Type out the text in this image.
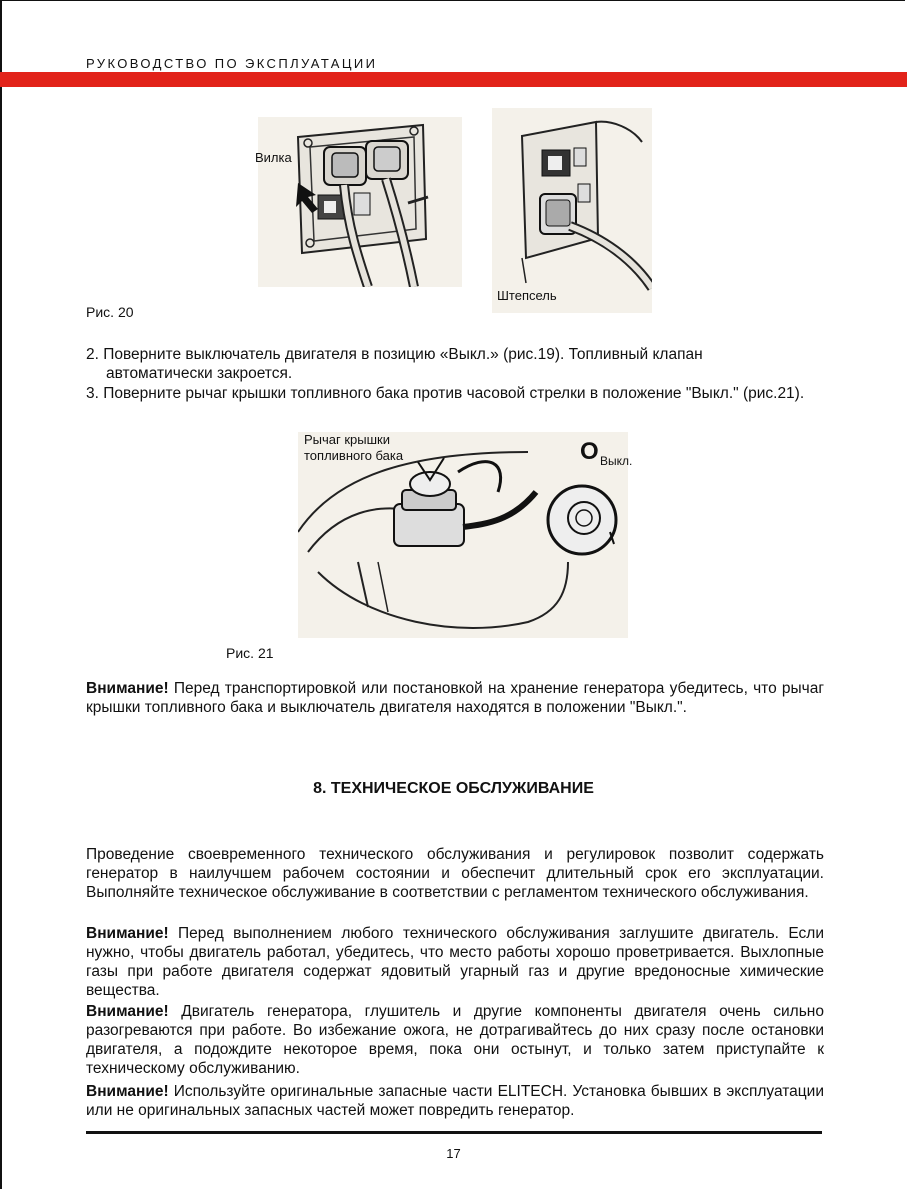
РУКОВОДСТВО ПО ЭКСПЛУАТАЦИИ
Вилка
Штепсель
Рис. 20
2. Поверните выключатель двигателя в позицию «Выкл.» (рис.19). Топливный клапан
автоматически закроется.
3. Поверните рычаг крышки топливного бака против часовой стрелки в положение "Выкл." (рис.21).
Рычаг крышки
топливного бака	O Выкл.
Рис. 21
Внимание! Перед транспортировкой или постановкой на хранение генератора убедитесь, что рычаг крышки топливного бака и выключатель двигателя находятся в положении "Выкл.".
8. ТЕХНИЧЕСКОЕ ОБСЛУЖИВАНИЕ
Проведение своевременного технического обслуживания и регулировок позволит содержать генератор в наилучшем рабочем состоянии и обеспечит длительный срок его эксплуатации. Выполняйте техническое обслуживание в соответствии с регламентом технического обслуживания.
Внимание! Перед выполнением любого технического обслуживания заглушите двигатель. Если нужно, чтобы двигатель работал, убедитесь, что место работы хорошо проветривается. Выхлопные газы при работе двигателя содержат ядовитый угарный газ и другие вредоносные химические вещества.
Внимание! Двигатель генератора, глушитель и другие компоненты двигателя очень сильно разогреваются при работе. Во избежание ожога, не дотрагивайтесь до них сразу после остановки двигателя, а подождите некоторое время, пока они остынут, и только затем приступайте к техническому обслуживанию.
Внимание! Используйте оригинальные запасные части ELITECH. Установка бывших в эксплуатации или не оригинальных запасных частей может повредить генератор.
17
